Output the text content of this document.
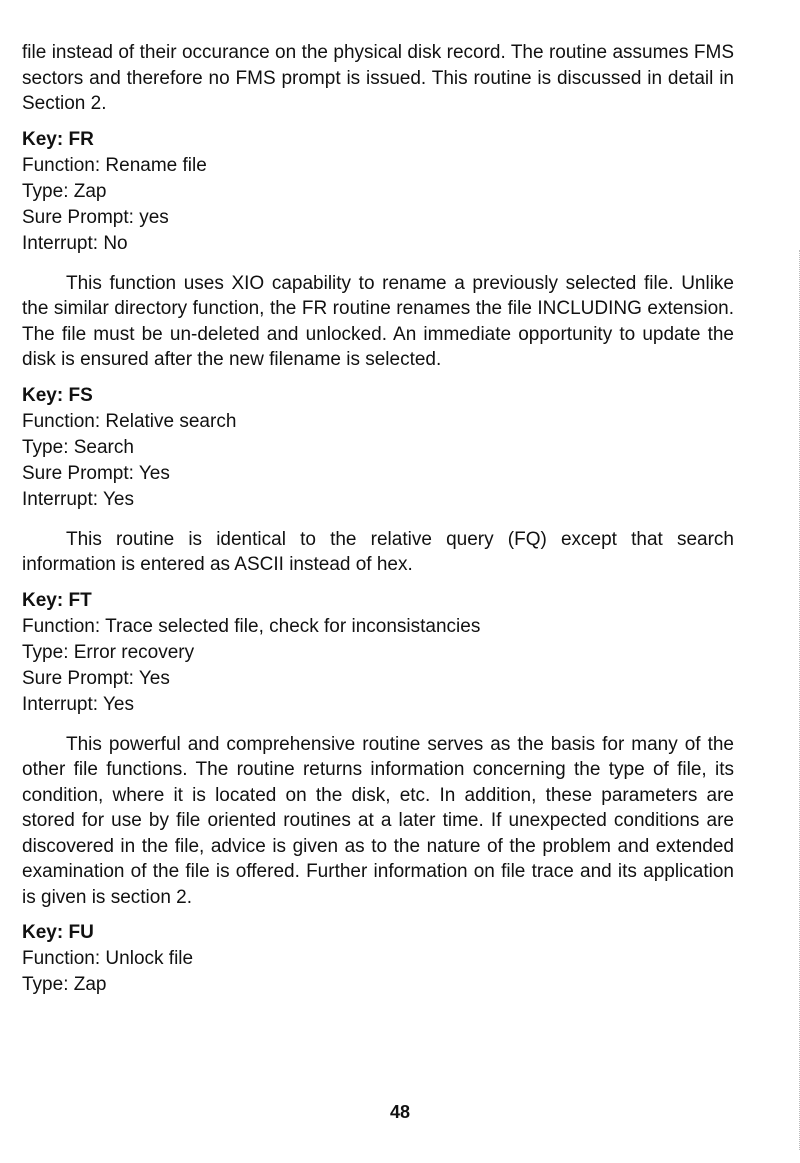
file instead of their occurance on the physical disk record. The routine assumes FMS sectors and therefore no FMS prompt is issued. This routine is discussed in detail in Section 2.

Key: FR

Function: Rename file

Type: Zap

Sure Prompt: yes

Interrupt: No

This function uses XIO capability to rename a previously selected file. Unlike the similar directory function, the FR routine renames the file INCLUDING extension. The file must be un-deleted and unlocked. An immediate opportunity to update the disk is ensured after the new filename is selected.

Key: FS

Function: Relative search

Type: Search

Sure Prompt: Yes

Interrupt: Yes

This routine is identical to the relative query (FQ) except that search information is entered as ASCII instead of hex.

Key: FT

Function: Trace selected file, check for inconsistancies

Type: Error recovery

Sure Prompt: Yes

Interrupt: Yes

This powerful and comprehensive routine serves as the basis for many of the other file functions. The routine returns information concerning the type of file, its condition, where it is located on the disk, etc. In addition, these parameters are stored for use by file oriented routines at a later time. If unexpected conditions are discovered in the file, advice is given as to the nature of the problem and extended examination of the file is offered. Further information on file trace and its application is given is section 2.

Key: FU

Function: Unlock file

Type: Zap

48
